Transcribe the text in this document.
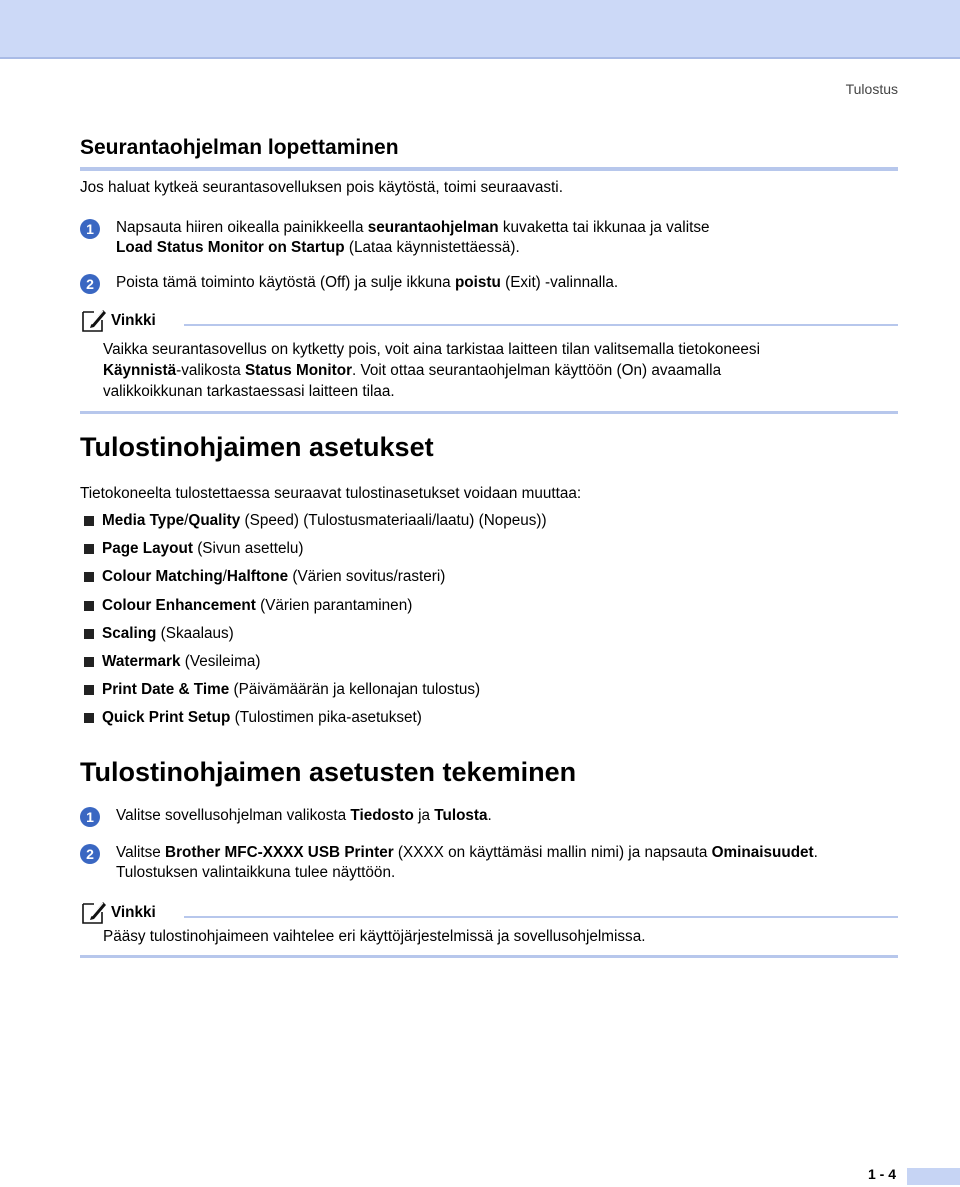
Tulostus
Seurantaohjelman lopettaminen
Jos haluat kytkeä seurantasovelluksen pois käytöstä, toimi seuraavasti.
1	Napsauta hiiren oikealla painikkeella seurantaohjelman kuvaketta tai ikkunaa ja valitse
Load Status Monitor on Startup (Lataa käynnistettäessä).
2	Poista tämä toiminto käytöstä (Off) ja sulje ikkuna poistu (Exit) -valinnalla.
Vinkki
Vaikka seurantasovellus on kytketty pois, voit aina tarkistaa laitteen tilan valitsemalla tietokoneesi
Käynnistä-valikosta Status Monitor. Voit ottaa seurantaohjelman käyttöön (On) avaamalla
valikkoikkunan tarkastaessasi laitteen tilaa.
Tulostinohjaimen asetukset
Tietokoneelta tulostettaessa seuraavat tulostinasetukset voidaan muuttaa:
Media Type/Quality (Speed) (Tulostusmateriaali/laatu) (Nopeus))
Page Layout (Sivun asettelu)
Colour Matching/Halftone (Värien sovitus/rasteri)
Colour Enhancement (Värien parantaminen)
Scaling (Skaalaus)
Watermark (Vesileima)
Print Date & Time (Päivämäärän ja kellonajan tulostus)
Quick Print Setup (Tulostimen pika-asetukset)
Tulostinohjaimen asetusten tekeminen
1	Valitse sovellusohjelman valikosta Tiedosto ja Tulosta.
2	Valitse Brother MFC-XXXX USB Printer (XXXX on käyttämäsi mallin nimi) ja napsauta Ominaisuudet.
Tulostuksen valintaikkuna tulee näyttöön.
Vinkki
Pääsy tulostinohjaimeen vaihtelee eri käyttöjärjestelmissä ja sovellusohjelmissa.
1 - 4
